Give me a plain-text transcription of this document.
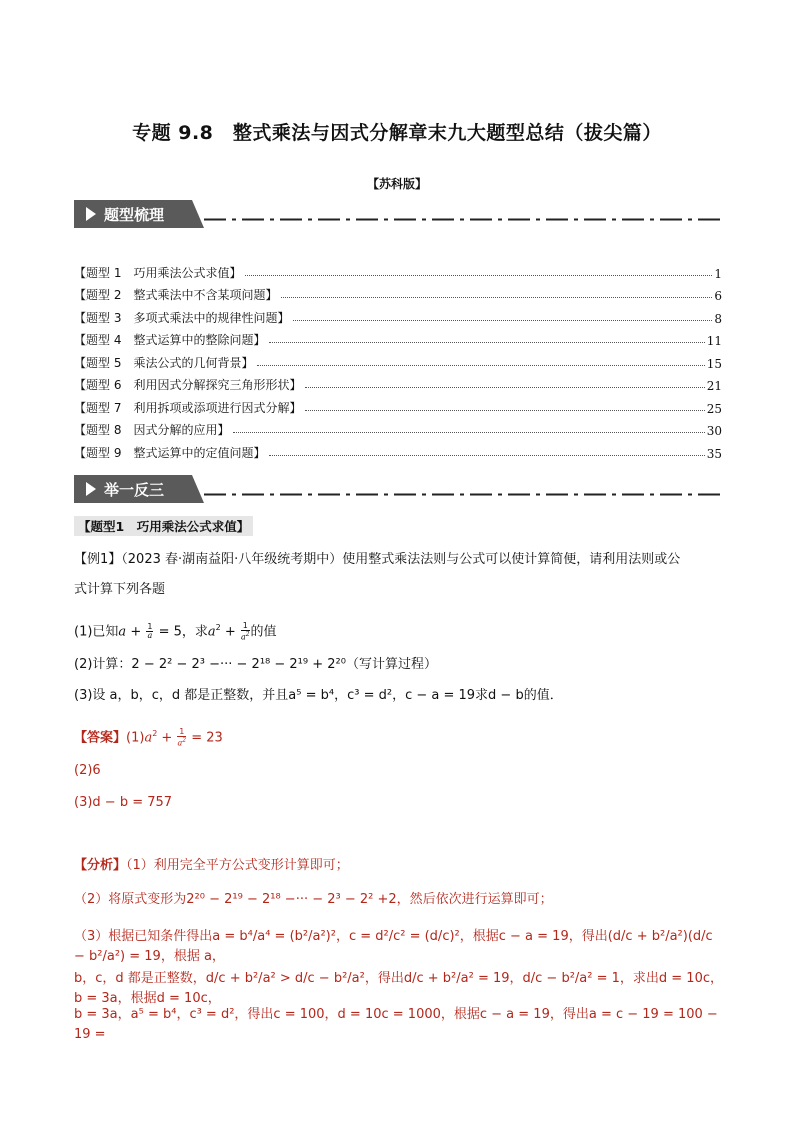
专题 9.8　整式乘法与因式分解章末九大题型总结（拔尖篇）
【苏科版】
题型梳理
【题型 1　巧用乘法公式求值】	1
【题型 2　整式乘法中不含某项问题】	6
【题型 3　多项式乘法中的规律性问题】	8
【题型 4　整式运算中的整除问题】	11
【题型 5　乘法公式的几何背景】	15
【题型 6　利用因式分解探究三角形形状】	21
【题型 7　利用拆项或添项进行因式分解】	25
【题型 8　因式分解的应用】	30
【题型 9　整式运算中的定值问题】	35
举一反三
【题型1　巧用乘法公式求值】
【例1】（2023 春·湖南益阳·八年级统考期中）使用整式乘法法则与公式可以使计算简便，请利用法则或公
式计算下列各题
(1)已知$a + \frac{1}{a} = 5$，求$a^2 + \frac{1}{a^2}$ 的值
(2)计算：2 − 2² − 2³ −··· − 2¹⁸ − 2¹⁹ + 2²⁰（写计算过程）
(3)设 a，b，c，d 都是正整数，并且a⁵ = b⁴，c³ = d²，c − a = 19求d − b的值．
【答案】$(1)a^2 + \frac{1}{a^2} = 23$
(2)6
(3)d − b = 757
【分析】（1）利用完全平方公式变形计算即可；
（2）将原式变形为2²⁰ − 2¹⁹ − 2¹⁸ −··· − 2³ − 2² +2，然后依次进行运算即可；
（3）根据已知条件得出a = b⁴/a⁴ = (b²/a²)²，c = d²/c² = (d/c)²，根据c − a = 19，得出(d/c + b²/a²)(d/c − b²/a²) = 19，根据 a，
b，c，d 都是正整数，d/c + b²/a² > d/c − b²/a²，得出d/c + b²/a² = 19，d/c − b²/a² = 1，求出d = 10c，b = 3a，根据d = 10c，
b = 3a，a⁵ = b⁴，c³ = d²，得出c = 100，d = 10c = 1000，根据c − a = 19，得出a = c − 19 = 100 − 19 =
